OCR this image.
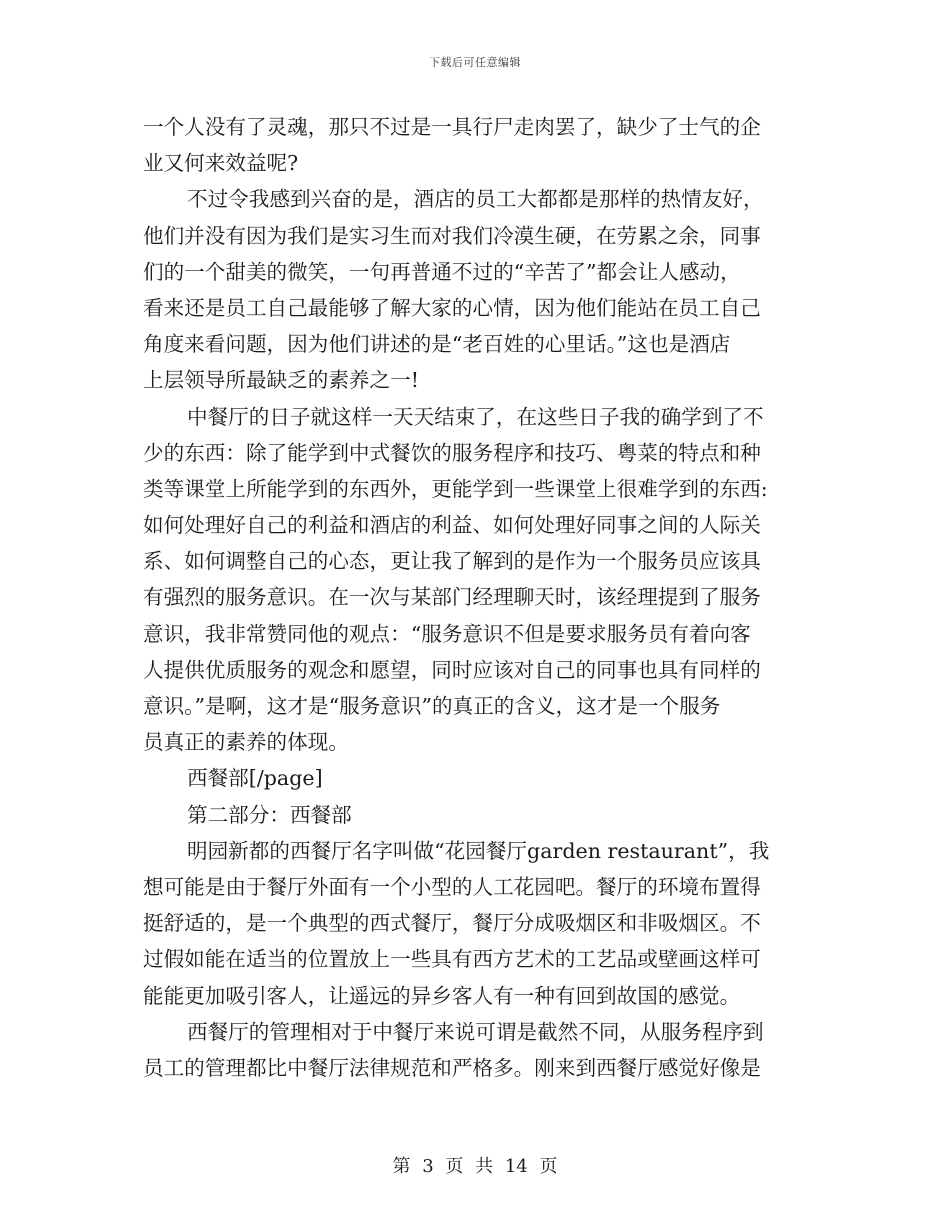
下载后可任意编辑
一个人没有了灵魂，那只不过是一具行尸走肉罢了，缺少了士气的企
业又何来效益呢?
不过令我感到兴奋的是，酒店的员工大都都是那样的热情友好，
他们并没有因为我们是实习生而对我们冷漠生硬，在劳累之余，同事
们的一个甜美的微笑，一句再普通不过的“辛苦了”都会让人感动，
看来还是员工自己最能够了解大家的心情，因为他们能站在员工自己
角度来看问题，因为他们讲述的是“老百姓的心里话。”这也是酒店
上层领导所最缺乏的素养之一!
中餐厅的日子就这样一天天结束了，在这些日子我的确学到了不
少的东西：除了能学到中式餐饮的服务程序和技巧、粤菜的特点和种
类等课堂上所能学到的东西外，更能学到一些课堂上很难学到的东西:
如何处理好自己的利益和酒店的利益、如何处理好同事之间的人际关
系、如何调整自己的心态，更让我了解到的是作为一个服务员应该具
有强烈的服务意识。在一次与某部门经理聊天时，该经理提到了服务
意识，我非常赞同他的观点：“服务意识不但是要求服务员有着向客
人提供优质服务的观念和愿望，同时应该对自己的同事也具有同样的
意识。”是啊，这才是“服务意识”的真正的含义，这才是一个服务
员真正的素养的体现。
西餐部[/page]
第二部分：西餐部
明园新都的西餐厅名字叫做“花园餐厅garden restaurant”，我
想可能是由于餐厅外面有一个小型的人工花园吧。餐厅的环境布置得
挺舒适的，是一个典型的西式餐厅，餐厅分成吸烟区和非吸烟区。不
过假如能在适当的位置放上一些具有西方艺术的工艺品或壁画这样可
能能更加吸引客人，让遥远的异乡客人有一种有回到故国的感觉。
西餐厅的管理相对于中餐厅来说可谓是截然不同，从服务程序到
员工的管理都比中餐厅法律规范和严格多。刚来到西餐厅感觉好像是
第 3 页 共 14 页
